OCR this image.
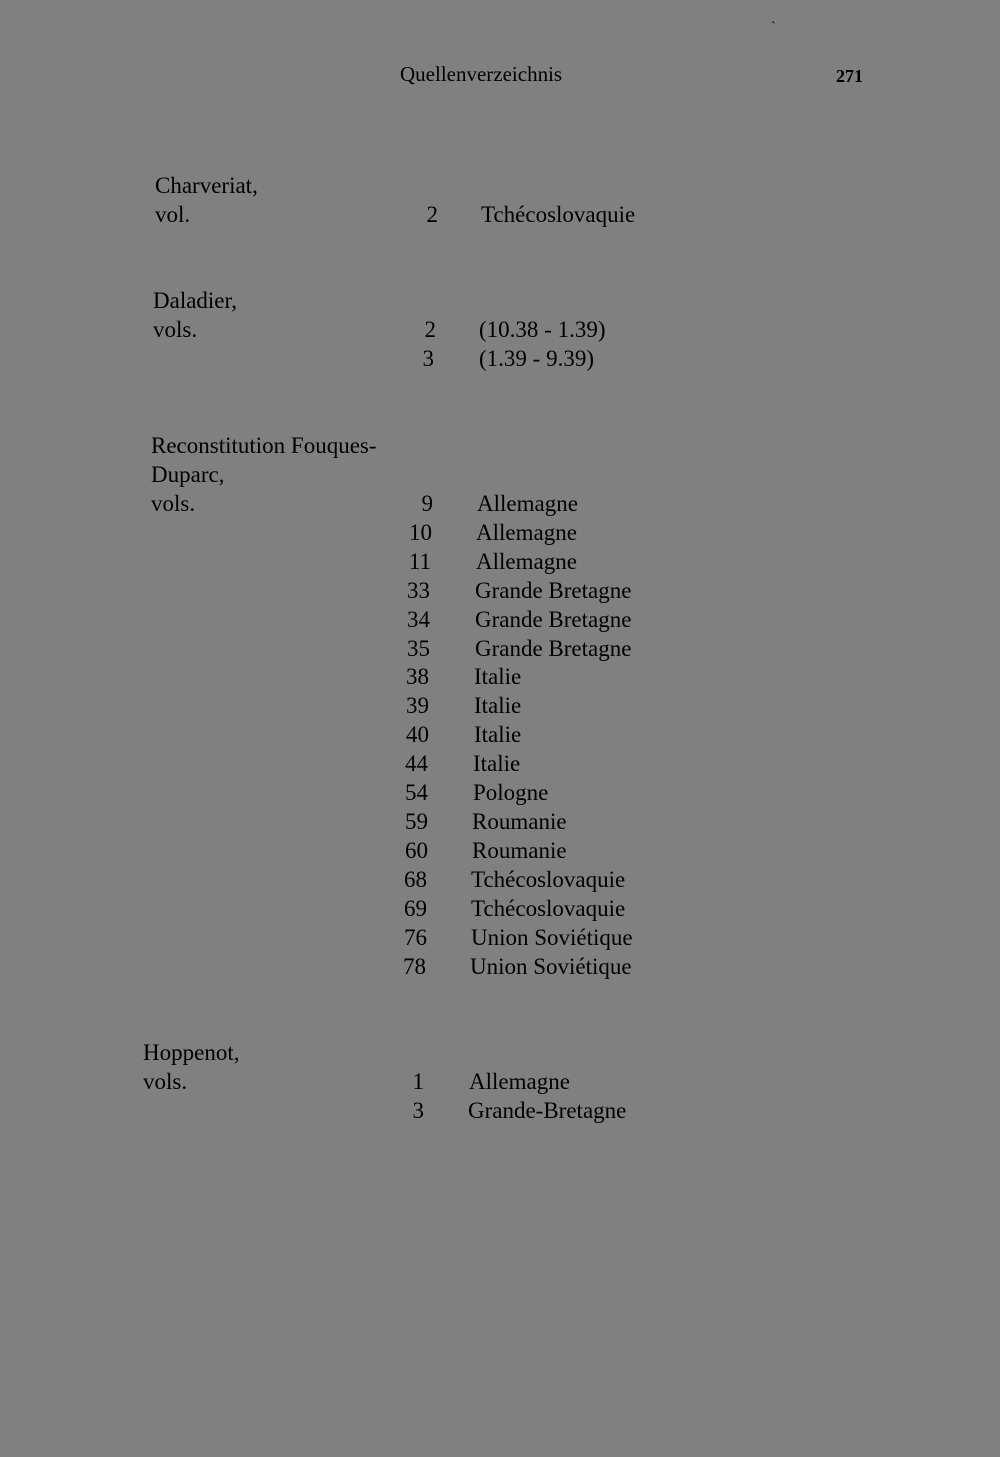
`
Quellenverzeichnis	271
Charveriat,
vol.	2 Tchécoslovaquie
Daladier,
vols.	2 (10.38 - 1.39)
3 (1.39 - 9.39)
Reconstitution Fouques-
Duparc,
vols.	9 Allemagne
10 Allemagne
11 Allemagne
33 Grande Bretagne
34 Grande Bretagne
35 Grande Bretagne
38 Italie
39 Italie
40 Italie
44 Italie
54 Pologne
59 Roumanie
60 Roumanie
68 Tchécoslovaquie
69 Tchécoslovaquie
76 Union Soviétique
78 Union Soviétique
Hoppenot,
vols.	1 Allemagne
3 Grande-Bretagne
